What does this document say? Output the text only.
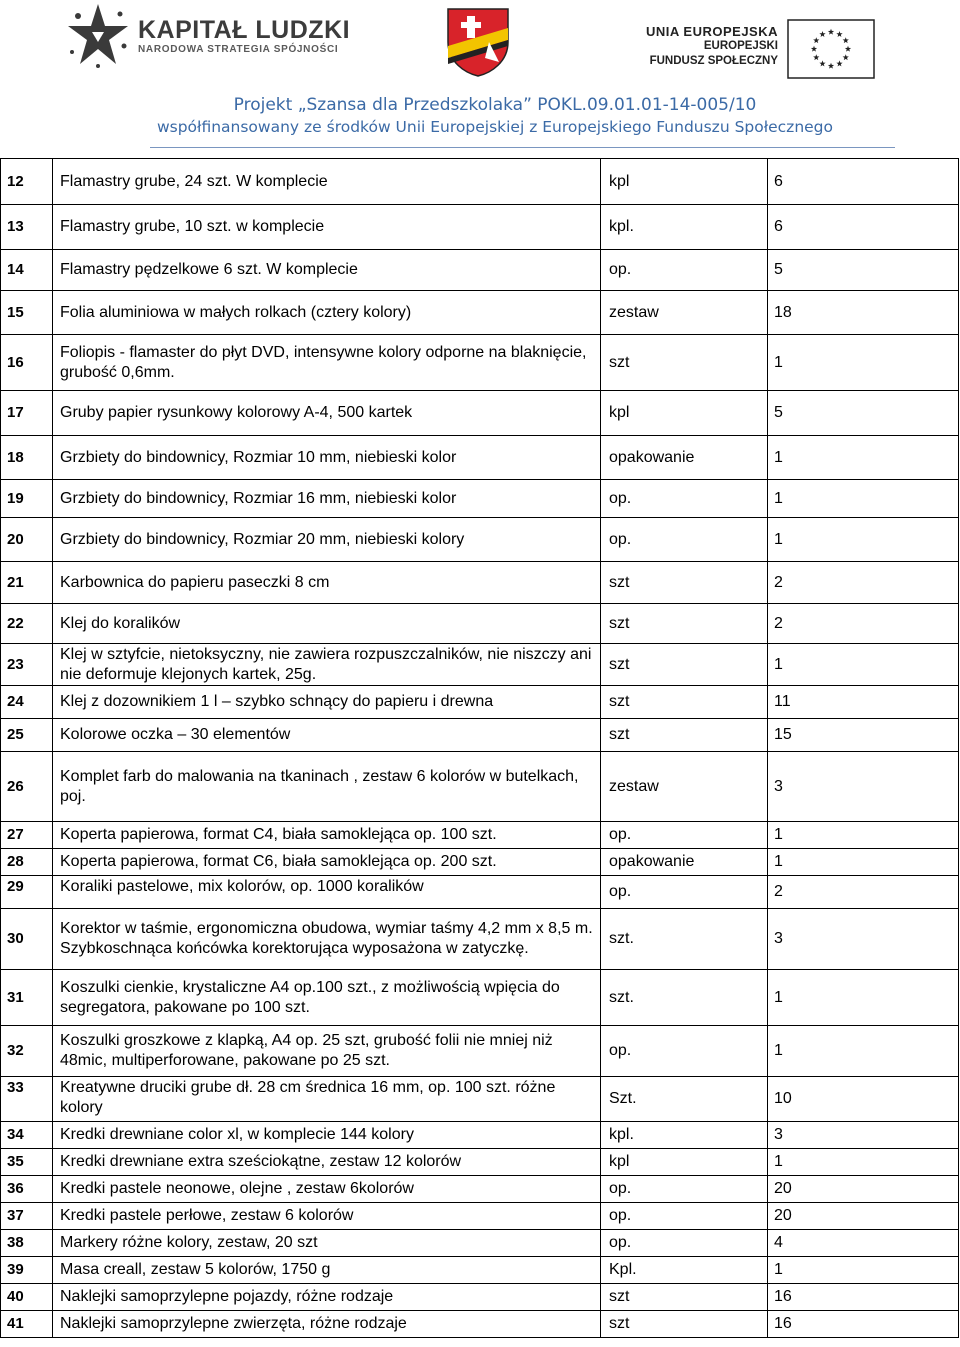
KAPITAŁ LUDZKI
NARODOWA STRATEGIA SPÓJNOŚCI
UNIA EUROPEJSKA
EUROPEJSKI
FUNDUSZ SPOŁECZNY
Projekt „Szansa dla Przedszkolaka” POKL.09.01.01-14-005/10
współfinansowany ze środków Unii Europejskiej z Europejskiego Funduszu Społecznego
12	Flamastry grube, 24 szt. W komplecie	kpl	6
13	Flamastry grube, 10 szt. w komplecie	kpl.	6
14	Flamastry pędzelkowe 6 szt. W komplecie	op.	5
15	Folia aluminiowa w małych rolkach (cztery kolory)	zestaw	18
16	Foliopis - flamaster do płyt DVD, intensywne kolory odporne na blaknięcie, grubość 0,6mm.	szt	1
17	Gruby papier rysunkowy kolorowy A-4, 500 kartek	kpl	5
18	Grzbiety do bindownicy, Rozmiar 10 mm, niebieski kolor	opakowanie	1
19	Grzbiety do bindownicy, Rozmiar 16 mm, niebieski kolor	op.	1
20	Grzbiety do bindownicy, Rozmiar 20 mm, niebieski kolory	op.	1
21	Karbownica do papieru paseczki 8 cm	szt	2
22	Klej do koralików	szt	2
23	Klej w sztyfcie, nietoksyczny, nie zawiera rozpuszczalników, nie niszczy ani nie deformuje klejonych kartek, 25g.	szt	1
24	Klej z dozownikiem 1 l – szybko schnący do papieru i drewna	szt	11
25	Kolorowe oczka – 30 elementów	szt	15
26	Komplet farb do malowania na tkaninach , zestaw 6 kolorów w butelkach, poj.	zestaw	3
27	Koperta papierowa, format C4, biała samoklejąca op. 100 szt.	op.	1
28	Koperta papierowa, format C6, biała samoklejąca op. 200 szt.	opakowanie	1
29	Koraliki pastelowe, mix kolorów, op. 1000 koralików	op.	2
30	Korektor w taśmie, ergonomiczna obudowa, wymiar taśmy 4,2 mm x 8,5 m. Szybkoschnąca końcówka korektorująca wyposażona w zatyczkę.	szt.	3
31	Koszulki cienkie, krystaliczne A4 op.100 szt., z możliwością wpięcia do segregatora, pakowane po 100 szt.	szt.	1
32	Koszulki groszkowe z klapką, A4 op. 25 szt, grubość folii nie mniej niż 48mic, multiperforowane, pakowane po 25 szt.	op.	1
33	Kreatywne druciki grube dł. 28 cm średnica 16 mm, op. 100 szt. różne kolory	Szt.	10
34	Kredki drewniane color xl, w komplecie 144 kolory	kpl.	3
35	Kredki drewniane extra sześciokątne, zestaw 12 kolorów	kpl	1
36	Kredki pastele neonowe, olejne , zestaw 6kolorów	op.	20
37	Kredki pastele perłowe, zestaw 6 kolorów	op.	20
38	Markery różne kolory, zestaw, 20 szt	op.	4
39	Masa creall, zestaw 5 kolorów, 1750 g	Kpl.	1
40	Naklejki samoprzylepne pojazdy, różne rodzaje	szt	16
41	Naklejki samoprzylepne zwierzęta, różne rodzaje	szt	16
